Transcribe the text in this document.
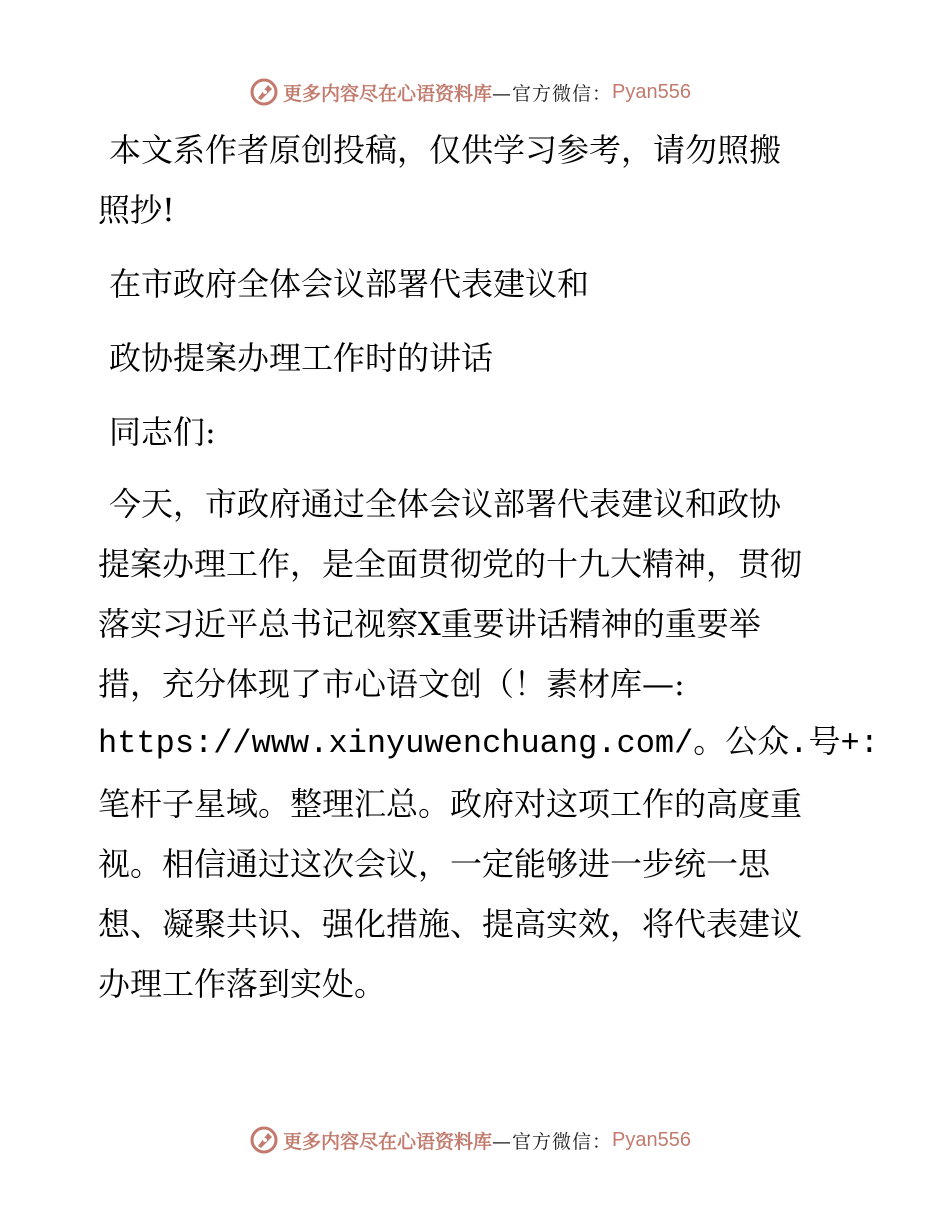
更多内容尽在心语资料库 —官方微信： Pyan556

本文系作者原创投稿，仅供学习参考，请勿照搬

照抄!

在市政府全体会议部署代表建议和

政协提案办理工作时的讲话

同志们:

今天，市政府通过全体会议部署代表建议和政协

提案办理工作，是全面贯彻党的十九大精神，贯彻

落实习近平总书记视察X重要讲话精神的重要举

措，充分体现了市心语文创（！素材库—:

https://www.xinyuwenchuang.com/。公众.号+:

笔杆子星域。整理汇总。政府对这项工作的高度重

视。相信通过这次会议，一定能够进一步统一思

想、凝聚共识、强化措施、提高实效，将代表建议

办理工作落到实处。

更多内容尽在心语资料库 —官方微信： Pyan556
